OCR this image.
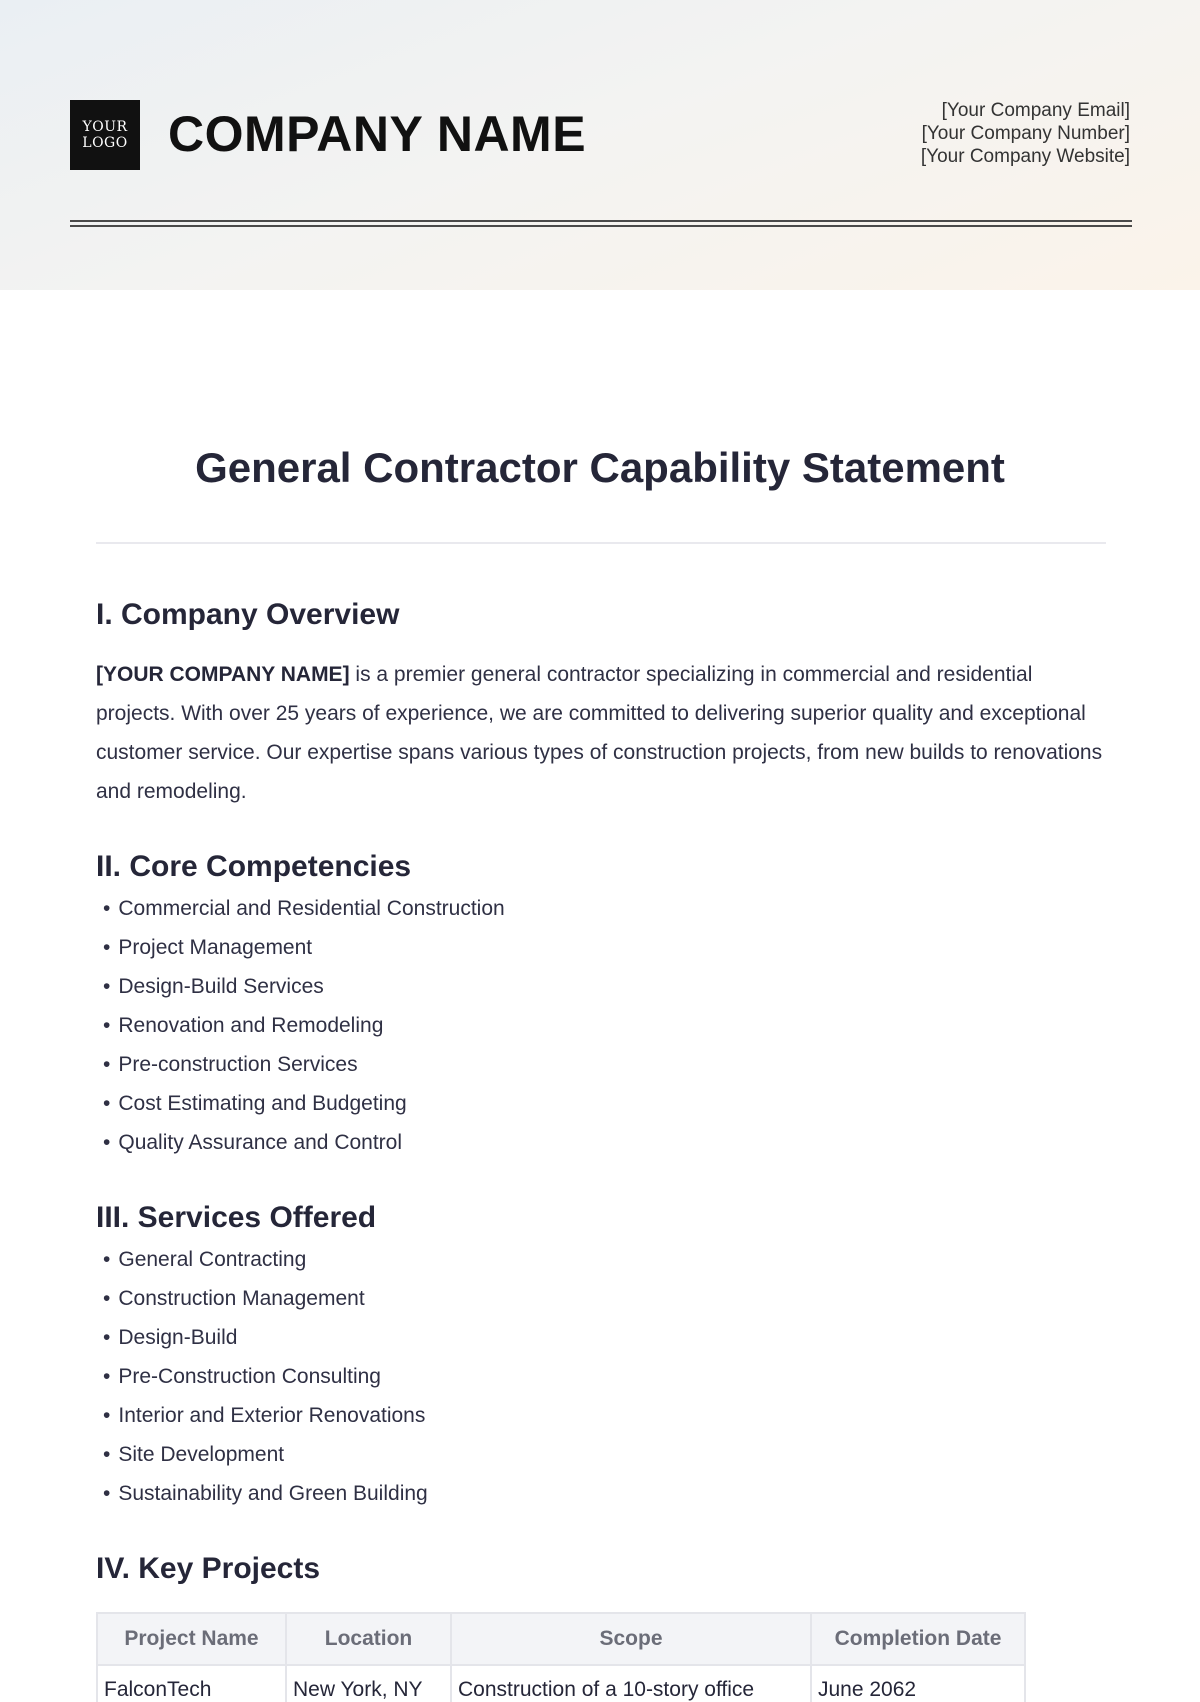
YOUR
LOGO COMPANY NAME	[Your Company Email]
[Your Company Number]
[Your Company Website]
General Contractor Capability Statement
I. Company Overview

[YOUR COMPANY NAME] is a premier general contractor specializing in commercial and residential projects. With over 25 years of experience, we are committed to delivering superior quality and exceptional customer service. Our expertise spans various types of construction projects, from new builds to renovations and remodeling.

II. Core Competencies
• Commercial and Residential Construction
• Project Management
• Design-Build Services
• Renovation and Remodeling
• Pre-construction Services
• Cost Estimating and Budgeting
• Quality Assurance and Control
III. Services Offered
• General Contracting
• Construction Management
• Design-Build
• Pre-Construction Consulting
• Interior and Exterior Renovations
• Site Development
• Sustainability and Green Building
IV. Key Projects
Project Name	Location	Scope	Completion Date
FalconTech	New York, NY	Construction of a 10-story office	June 2062
